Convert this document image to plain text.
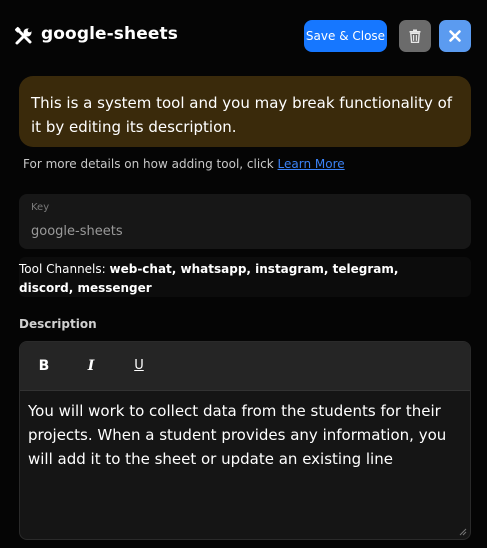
google-sheets	Save & Close
This is a system tool and you may break functionality of it by editing its description.
For more details on how adding tool, click Learn More
Key
google-sheets
Tool Channels: web-chat, whatsapp, instagram, telegram, discord, messenger
Description
B	I	U
You will work to collect data from the students for their projects. When a student provides any information, you will add it to the sheet or update an existing line
